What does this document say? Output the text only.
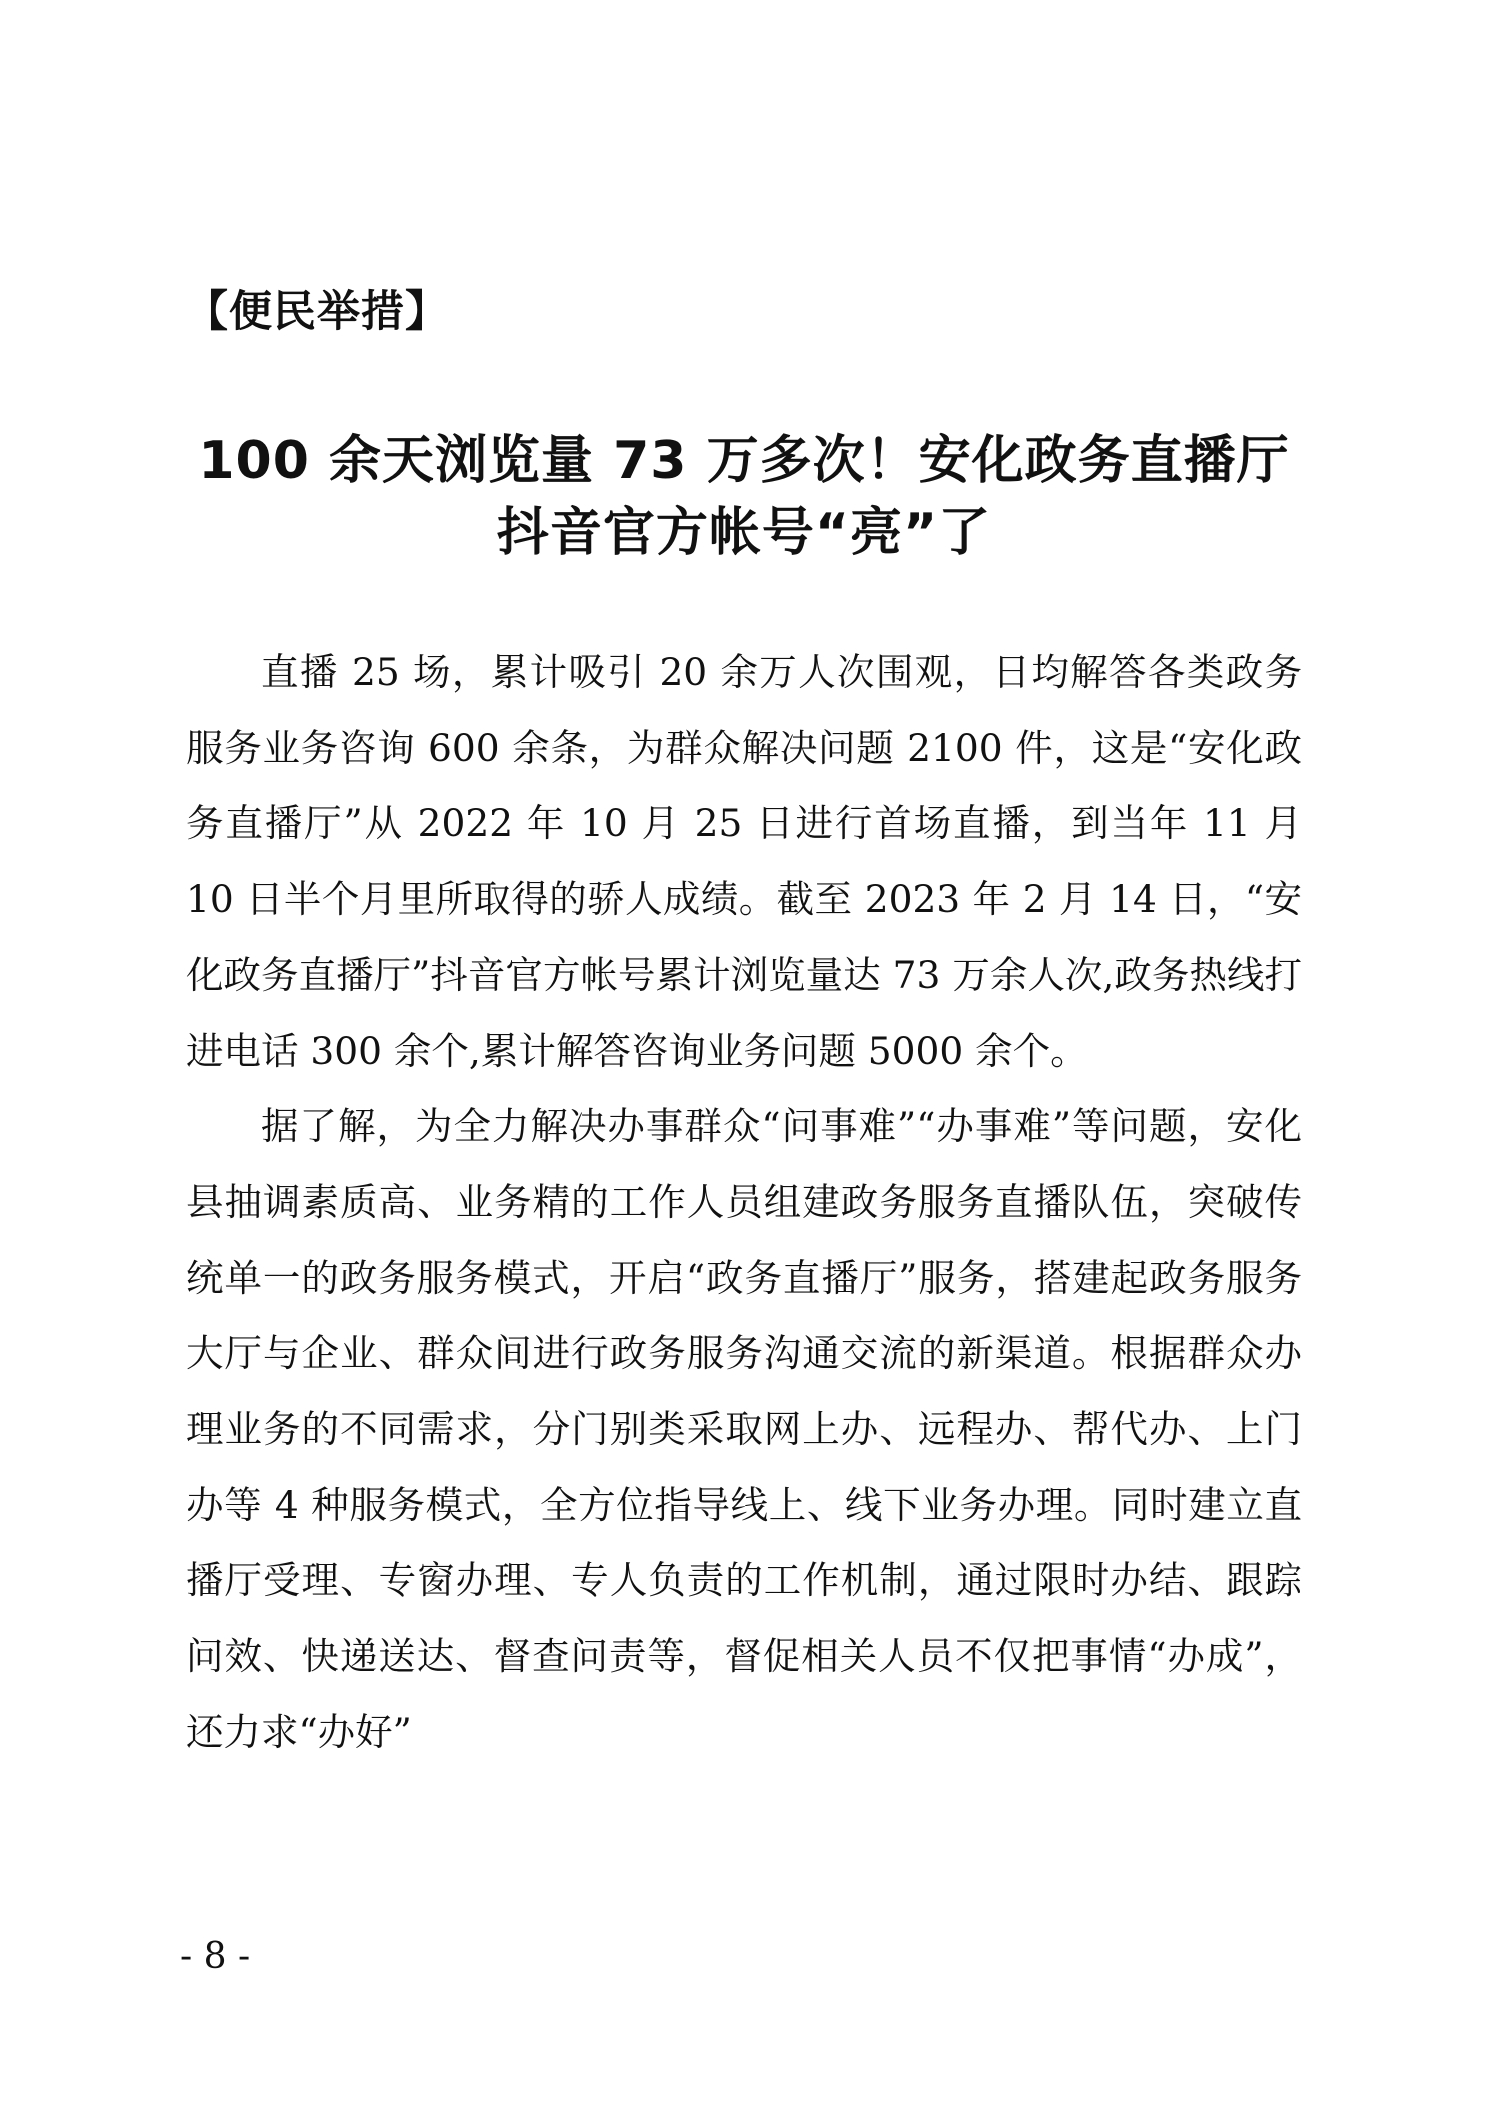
【便民举措】
100 余天浏览量 73 万多次！安化政务直播厅
抖音官方帐号“亮”了

直播 25 场，累计吸引 20 余万人次围观，日均解答各类政务服务业务咨询 600 余条，为群众解决问题 2100 件，这是“安化政务直播厅”从 2022 年 10 月 25 日进行首场直播，到当年 11 月 10 日半个月里所取得的骄人成绩。截至 2023 年 2 月 14 日，“安化政务直播厅”抖音官方帐号累计浏览量达 73 万余人次,政务热线打进电话 300 余个,累计解答咨询业务问题 5000 余个。

据了解，为全力解决办事群众“问事难”“办事难”等问题，安化县抽调素质高、业务精的工作人员组建政务服务直播队伍，突破传统单一的政务服务模式，开启“政务直播厅”服务，搭建起政务服务大厅与企业、群众间进行政务服务沟通交流的新渠道。根据群众办理业务的不同需求，分门别类采取网上办、远程办、帮代办、上门办等 4 种服务模式，全方位指导线上、线下业务办理。同时建立直播厅受理、专窗办理、专人负责的工作机制，通过限时办结、跟踪问效、快递送达、督查问责等，督促相关人员不仅把事情“办成”，还力求“办好”

- 8 -
